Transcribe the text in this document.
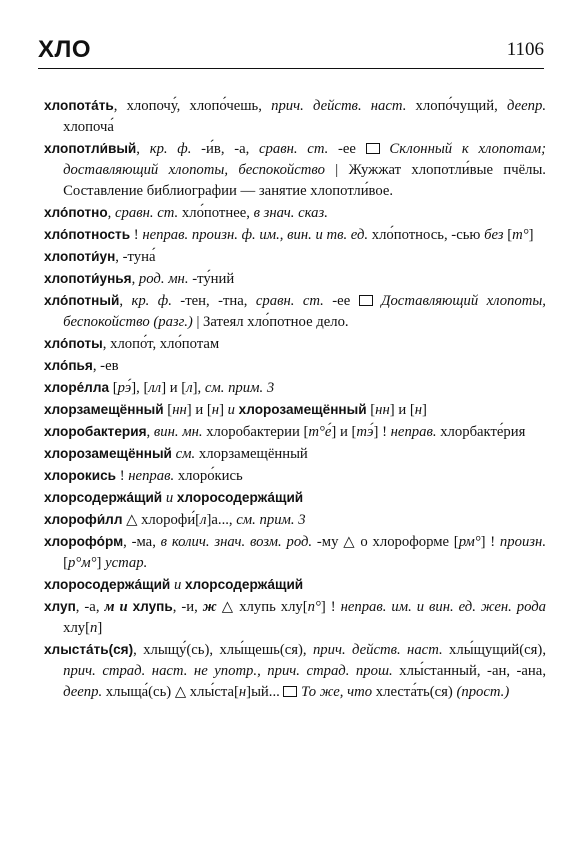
ХЛО	1106

хлопота́ть, хлопочу́, хлопо́чешь, прич. действ. наст. хлопо́чущий, деепр. хлопоча́

хлопотли́вый, кр. ф. -и́в, -а, сравн. ст. -ее  Склонный к хлопотам; доставляющий хлопоты, беспокойство | Жужжат хлопотли́вые пчёлы. Составление библиографии — занятие хлопотли́вое.

хло́потно, сравн. ст. хло́потнее, в знач. сказ.

хло́потность ! неправ. произн. ф. им., вин. и тв. ед. хло́потнось, -сью без [т°]

хлопоти́ун, -туна́

хлопоти́унья, род. мн. -ту́ний

хло́потный, кр. ф. -тен, -тна, сравн. ст. -ее  Доставляющий хлопоты, беспокойство (разг.) | Затеял хло́потное дело.

хло́поты, хлопо́т, хло́потам

хло́пья, -ев

хлоре́лла [рэ́], [лл] и [л], см. прим. 3

хлорзамещённый [нн] и [н] и хлорозамещённый [нн] и [н]

хлоробактерия, вин. мн. хлоробактерии [т°е́] и [тэ́] ! неправ. хлорбакте́рия

хлорозамещённый см. хлорзамещённый

хлорокись ! неправ. хлоро́кись

хлорсодержа́щий и хлоросодержа́щий

хлорофи́лл △ хлорофи́[л]а..., см. прим. 3

хлорофо́рм, -ма, в колич. знач. возм. род. -му △ о хлороформе [рм°] ! произн. [р°м°] устар.

хлоросодержа́щий и хлорсодержа́щий

хлуп, -а, м и хлупь, -и, ж △ хлупь хлу[п°] ! неправ. им. и вин. ед. жен. рода хлу[п]

хлыста́ть(ся), хлыщу́(сь), хлы́щешь(ся), прич. действ. наст. хлы́щущий(ся), прич. страд. наст. не употр., прич. страд. прош. хлы́станный, -ан, -ана, деепр. хлыща́(сь) △ хлы́ста[н]ый...  То же, что хлеста́ть(ся) (прост.)
